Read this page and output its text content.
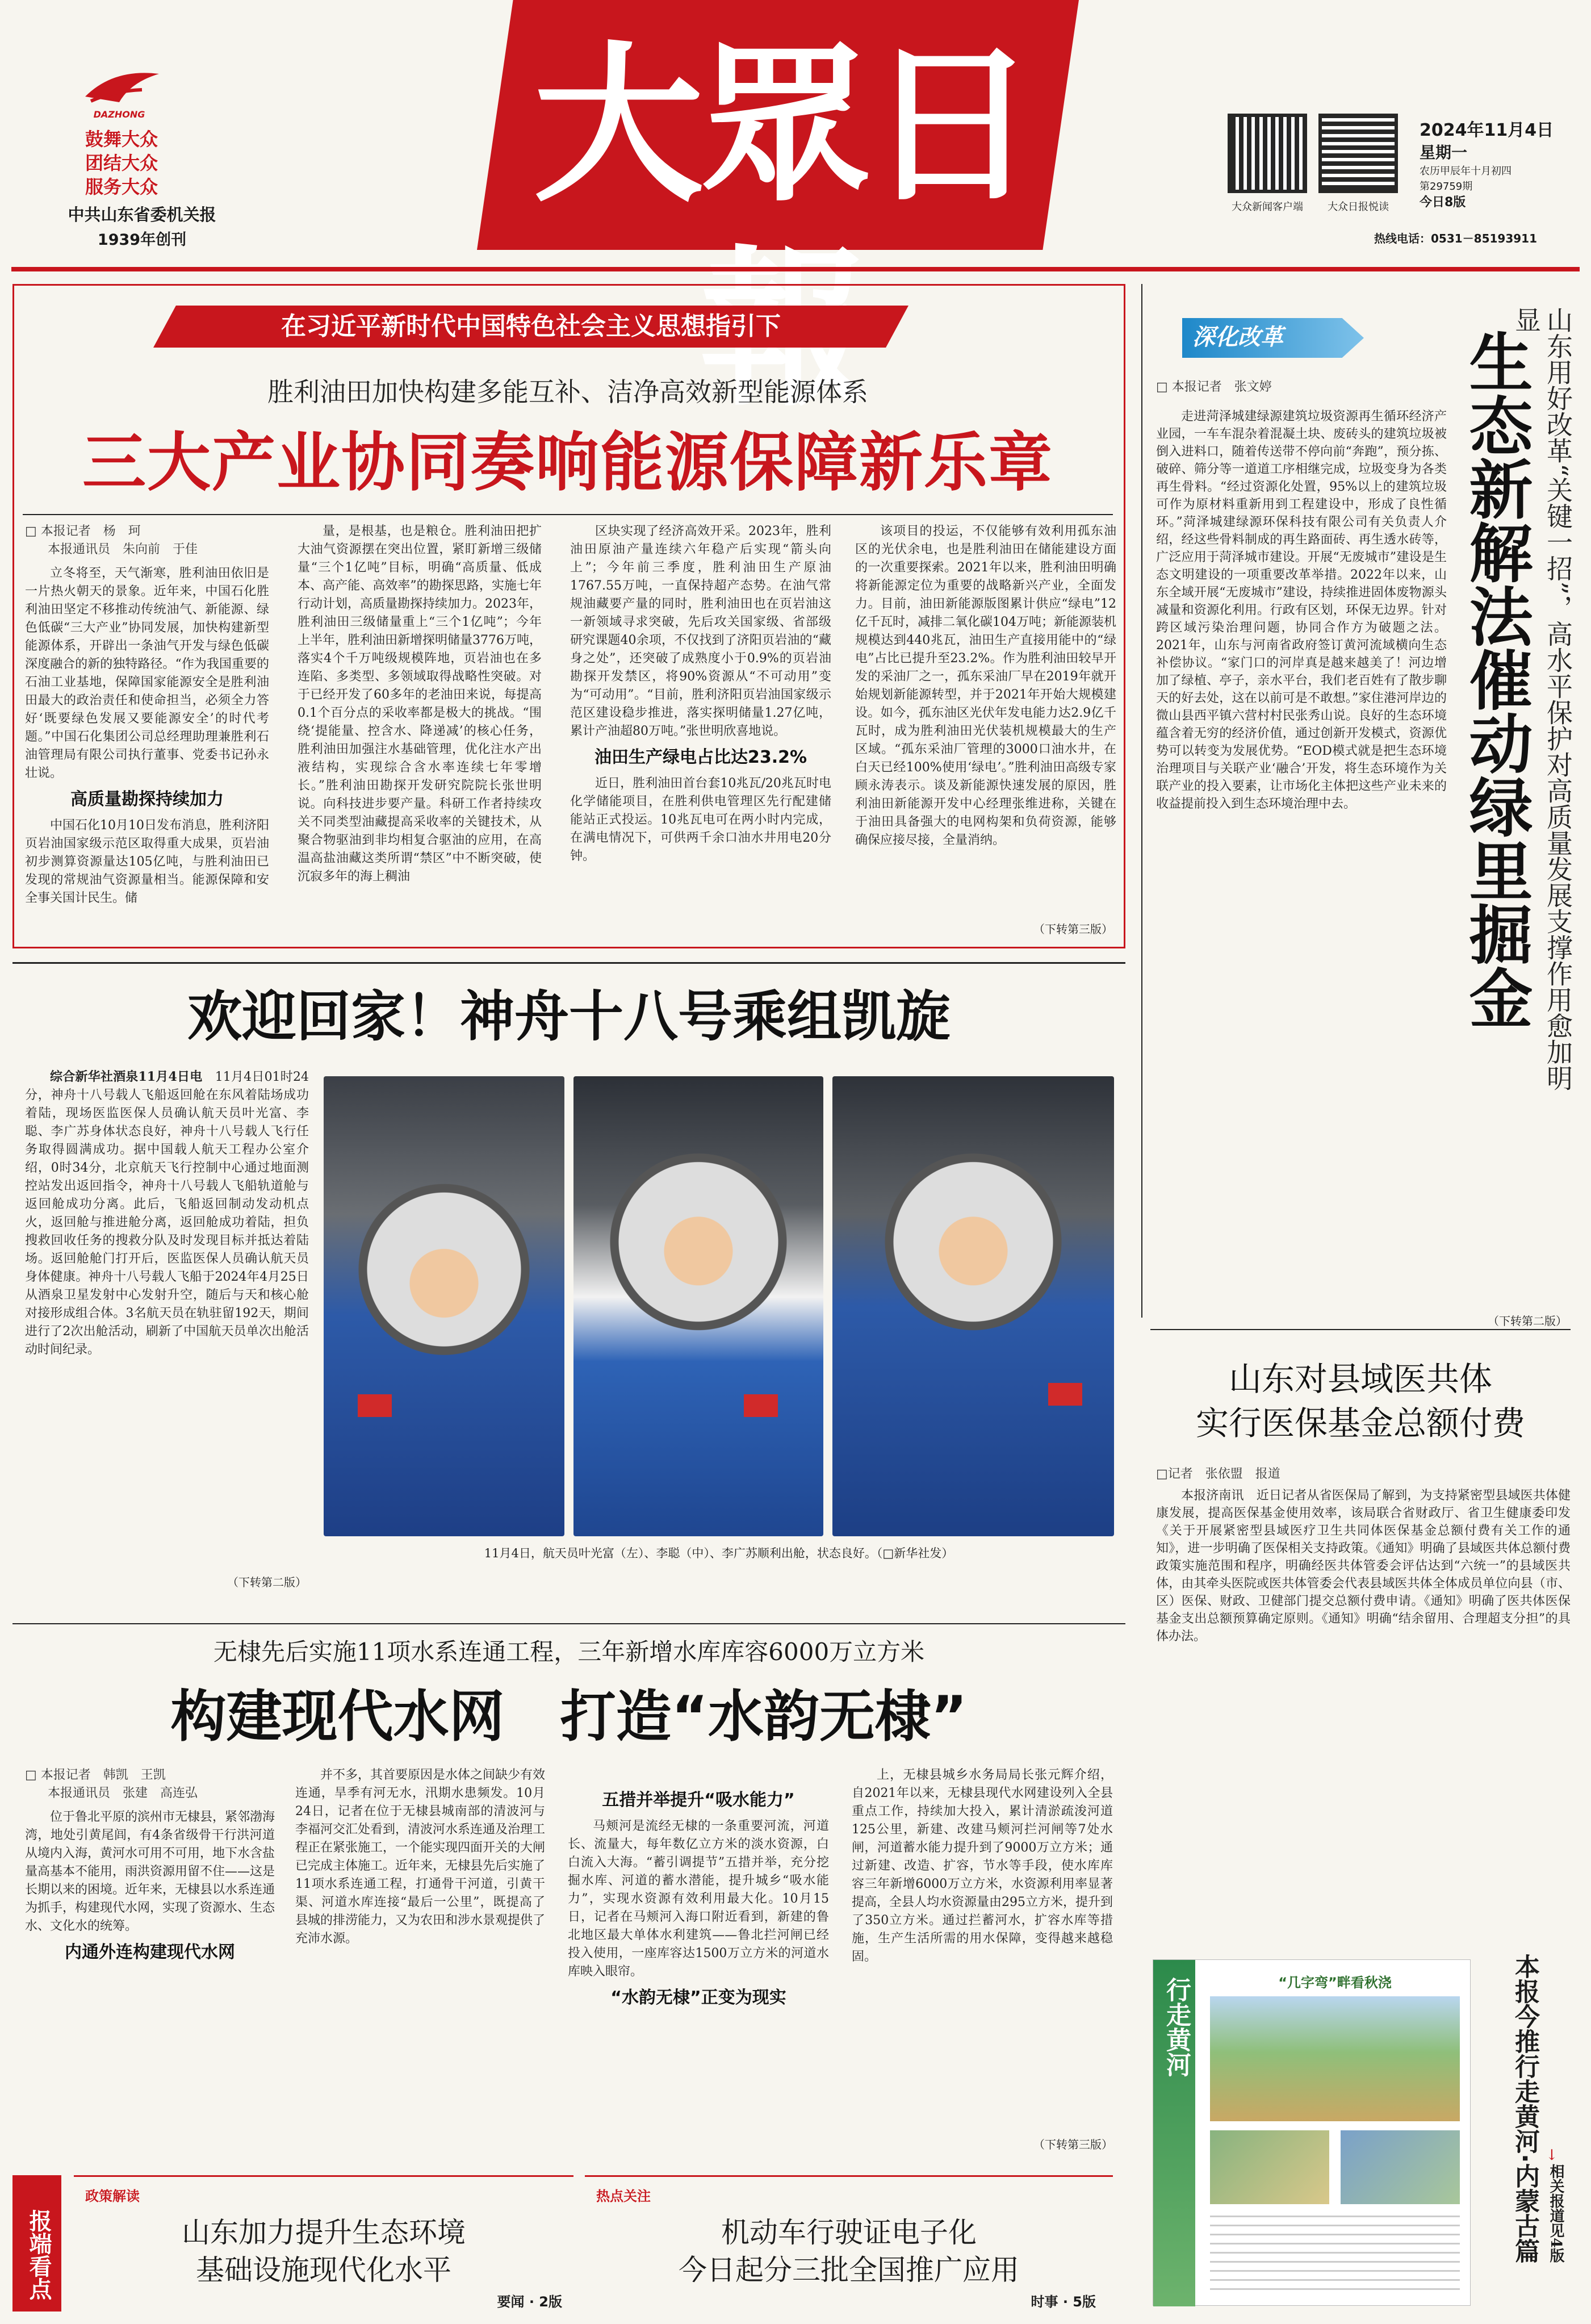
DAZHONG
鼓舞大众
团结大众
服务大众
中共山东省委机关报
1939年创刊
大眾日報
大众新闻客户端	大众日报悦读
2024年11月4日
星期一
农历甲辰年十月初四
第29759期
今日8版
热线电话：0531－85193911
在习近平新时代中国特色社会主义思想指引下
胜利油田加快构建多能互补、洁净高效新型能源体系
三大产业协同奏响能源保障新乐章
□ 本报记者　杨　珂
本报通讯员　朱向前　于佳

立冬将至，天气渐寒，胜利油田依旧是一片热火朝天的景象。近年来，中国石化胜利油田坚定不移推动传统油气、新能源、绿色低碳“三大产业”协同发展，加快构建新型能源体系，开辟出一条油气开发与绿色低碳深度融合的新的独特路径。“作为我国重要的石油工业基地，保障国家能源安全是胜利油田最大的政治责任和使命担当，必须全力答好‘既要绿色发展又要能源安全’的时代考题。”中国石化集团公司总经理助理兼胜利石油管理局有限公司执行董事、党委书记孙永壮说。

高质量勘探持续加力

中国石化10月10日发布消息，胜利济阳页岩油国家级示范区取得重大成果，页岩油初步测算资源量达105亿吨，与胜利油田已发现的常规油气资源量相当。能源保障和安全事关国计民生。储

量，是根基，也是粮仓。胜利油田把扩大油气资源摆在突出位置，紧盯新增三级储量“三个1亿吨”目标，明确“高质量、低成本、高产能、高效率”的勘探思路，实施七年行动计划，高质量勘探持续加力。2023年，胜利油田三级储量重上“三个1亿吨”；今年上半年，胜利油田新增探明储量3776万吨，落实4个千万吨级规模阵地，页岩油也在多连陷、多类型、多领域取得战略性突破。对于已经开发了60多年的老油田来说，每提高0.1个百分点的采收率都是极大的挑战。“围绕‘提能量、控含水、降递减’的核心任务，胜利油田加强注水基础管理，优化注水产出液结构，实现综合含水率连续七年零增长。”胜利油田勘探开发研究院院长张世明说。向科技进步要产量。科研工作者持续攻关不同类型油藏提高采收率的关键技术，从聚合物驱油到非均相复合驱油的应用，在高温高盐油藏这类所谓“禁区”中不断突破，使沉寂多年的海上稠油

区块实现了经济高效开采。2023年，胜利油田原油产量连续六年稳产后实现“箭头向上”；今年前三季度，胜利油田生产原油1767.55万吨，一直保持超产态势。在油气常规油藏要产量的同时，胜利油田也在页岩油这一新领域寻求突破，先后攻关国家级、省部级研究课题40余项，不仅找到了济阳页岩油的“藏身之处”，还突破了成熟度小于0.9%的页岩油勘探开发禁区，将90%资源从“不可动用”变为“可动用”。“目前，胜利济阳页岩油国家级示范区建设稳步推进，落实探明储量1.27亿吨，累计产油超80万吨。”张世明欣喜地说。

油田生产绿电占比达23.2%

近日，胜利油田首台套10兆瓦/20兆瓦时电化学储能项目，在胜利供电管理区先行配建储能站正式投运。10兆瓦电可在两小时内完成，在满电情况下，可供两千余口油水井用电20分钟。

该项目的投运，不仅能够有效利用孤东油区的光伏余电，也是胜利油田在储能建设方面的一次重要探索。2021年以来，胜利油田明确将新能源定位为重要的战略新兴产业，全面发力。目前，油田新能源版图累计供应“绿电”12亿千瓦时，减排二氧化碳104万吨；新能源装机规模达到440兆瓦，油田生产直接用能中的“绿电”占比已提升至23.2%。作为胜利油田较早开发的采油厂之一，孤东采油厂早在2019年就开始规划新能源转型，并于2021年开始大规模建设。如今，孤东油区光伏年发电能力达2.9亿千瓦时，成为胜利油田光伏装机规模最大的生产区域。“孤东采油厂管理的3000口油水井，在白天已经100%使用‘绿电’。”胜利油田高级专家顾永涛表示。谈及新能源快速发展的原因，胜利油田新能源开发中心经理张维进称，关键在于油田具备强大的电网构架和负荷资源，能够确保应接尽接，全量消纳。

（下转第三版）
深化改革	山东用好改革“关键一招”，高水平保护对高质量发展支撑作用愈加明显
生态新解法催动绿里掘金
□ 本报记者　张文婷

走进菏泽城建绿源建筑垃圾资源再生循环经济产业园，一车车混杂着混凝土块、废砖头的建筑垃圾被倒入进料口，随着传送带不停向前“奔跑”，预分拣、破碎、筛分等一道道工序相继完成，垃圾变身为各类再生骨料。“经过资源化处置，95%以上的建筑垃圾可作为原材料重新用到工程建设中，形成了良性循环。”菏泽城建绿源环保科技有限公司有关负责人介绍，经这些骨料制成的再生路面砖、再生透水砖等，广泛应用于菏泽城市建设。开展“无废城市”建设是生态文明建设的一项重要改革举措。2022年以来，山东全域开展“无废城市”建设，持续推进固体废物源头减量和资源化利用。行政有区划，环保无边界。针对跨区域污染治理问题，协同合作方为破题之法。2021年，山东与河南省政府签订黄河流域横向生态补偿协议。“家门口的河岸真是越来越美了！河边增加了绿植、亭子，亲水平台，我们老百姓有了散步聊天的好去处，这在以前可是不敢想。”家住港河岸边的微山县西平镇六营村村民张秀山说。良好的生态环境蕴含着无穷的经济价值，通过创新开发模式，资源优势可以转变为发展优势。“EOD模式就是把生态环境治理项目与关联产业‘融合’开发，将生态环境作为关联产业的投入要素，让市场化主体把这些产业未来的收益提前投入到生态环境治理中去。

（下转第二版）
欢迎回家！神舟十八号乘组凯旋

综合新华社酒泉11月4日电　 11月4日01时24分，神舟十八号载人飞船返回舱在东风着陆场成功着陆，现场医监医保人员确认航天员叶光富、李聪、李广苏身体状态良好，神舟十八号载人飞行任务取得圆满成功。据中国载人航天工程办公室介绍，0时34分，北京航天飞行控制中心通过地面测控站发出返回指令，神舟十八号载人飞船轨道舱与返回舱成功分离。此后，飞船返回制动发动机点火，返回舱与推进舱分离，返回舱成功着陆，担负搜救回收任务的搜救分队及时发现目标并抵达着陆场。返回舱舱门打开后，医监医保人员确认航天员身体健康。神舟十八号载人飞船于2024年4月25日从酒泉卫星发射中心发射升空，随后与天和核心舱对接形成组合体。3名航天员在轨驻留192天，期间进行了2次出舱活动，刷新了中国航天员单次出舱活动时间纪录。

（下转第二版）
11月4日，航天员叶光富（左）、李聪（中）、李广苏顺利出舱，状态良好。（□新华社发）
山东对县域医共体
实行医保基金总额付费
□记者　张依盟　报道

本报济南讯　近日记者从省医保局了解到，为支持紧密型县域医共体健康发展，提高医保基金使用效率，该局联合省财政厅、省卫生健康委印发《关于开展紧密型县域医疗卫生共同体医保基金总额付费有关工作的通知》，进一步明确了医保相关支持政策。《通知》明确了县域医共体总额付费政策实施范围和程序，明确经医共体管委会评估达到“六统一”的县域医共体，由其牵头医院或医共体管委会代表县域医共体全体成员单位向县（市、区）医保、财政、卫健部门提交总额付费申请。《通知》明确了医共体医保基金支出总额预算确定原则。《通知》明确“结余留用、合理超支分担”的具体办法。

无棣先后实施11项水系连通工程，三年新增水库库容6000万立方米
构建现代水网　打造“水韵无棣”
□ 本报记者　韩凯　王凯
本报通讯员　张建　高连弘

位于鲁北平原的滨州市无棣县，紧邻渤海湾，地处引黄尾闾，有4条省级骨干行洪河道从境内入海，黄河水可用不可用，地下水含盐量高基本不能用，雨洪资源用留不住——这是长期以来的困境。近年来，无棣县以水系连通为抓手，构建现代水网，实现了资源水、生态水、文化水的统筹。

内通外连构建现代水网

并不多，其首要原因是水体之间缺少有效连通，旱季有河无水，汛期水患频发。10月24日，记者在位于无棣县城南部的清波河与李福河交汇处看到，清波河水系连通及治理工程正在紧张施工，一个能实现四面开关的大闸已完成主体施工。近年来，无棣县先后实施了11项水系连通工程，打通骨干河道，引黄干渠、河道水库连接“最后一公里”，既提高了县城的排涝能力，又为农田和涉水景观提供了充沛水源。

五措并举提升“吸水能力”

马颊河是流经无棣的一条重要河流，河道长、流量大，每年数亿立方米的淡水资源，白白流入大海。“蓄引调提节”五措并举，充分挖掘水库、河道的蓄水潜能，提升城乡“吸水能力”，实现水资源有效利用最大化。10月15日，记者在马颊河入海口附近看到，新建的鲁北地区最大单体水利建筑——鲁北拦河闸已经投入使用，一座库容达1500万立方米的河道水库映入眼帘。

“水韵无棣”正变为现实

上，无棣县城乡水务局局长张元辉介绍，自2021年以来，无棣县现代水网建设列入全县重点工作，持续加大投入，累计清淤疏浚河道125公里，新建、改建马颊河拦河闸等7处水闸，河道蓄水能力提升到了9000万立方米；通过新建、改造、扩容，节水等手段，使水库库容三年新增6000万立方米，水资源利用率显著提高，全县人均水资源量由295立方米，提升到了350立方米。通过拦蓄河水，扩容水库等措施，生产生活所需的用水保障，变得越来越稳固。

（下转第三版）
行走黄河	“几字弯”畔看秋浇	本报今推行走黄河·内蒙古篇 ↓
相关报道见4版
报端看点
政策解读
山东加力提升生态环境
基础设施现代化水平
要闻 · 2版
热点关注
机动车行驶证电子化
今日起分三批全国推广应用
时事 · 5版
